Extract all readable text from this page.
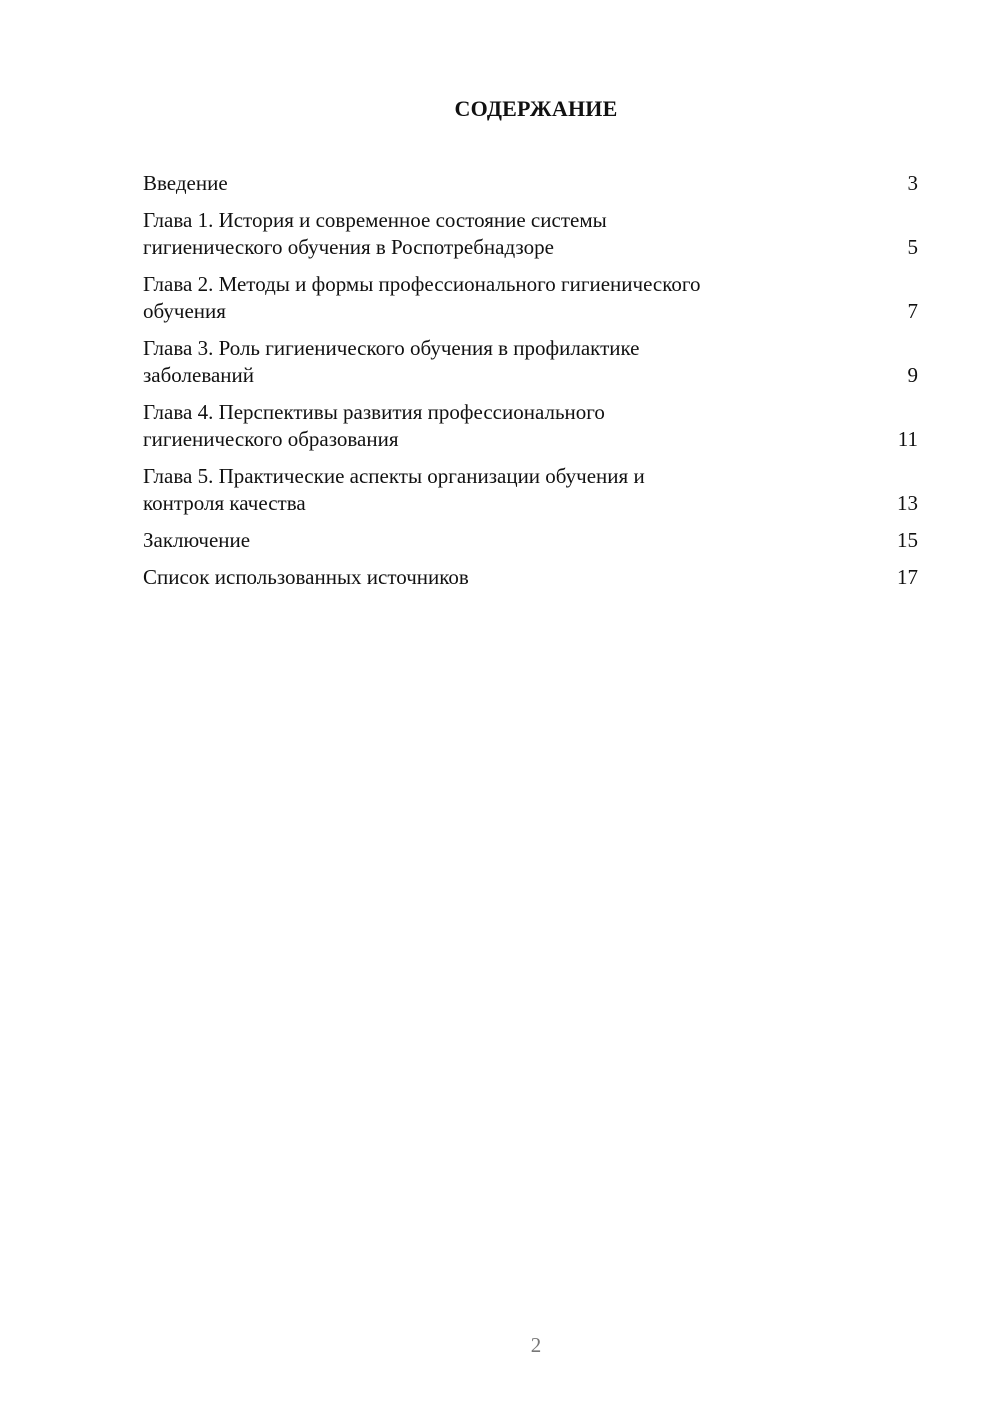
СОДЕРЖАНИЕ
Введение	3
Глава 1. История и современное состояние системы
гигиенического обучения в Роспотребнадзоре	5
Глава 2. Методы и формы профессионального гигиенического
обучения	7
Глава 3. Роль гигиенического обучения в профилактике
заболеваний	9
Глава 4. Перспективы развития профессионального
гигиенического образования	11
Глава 5. Практические аспекты организации обучения и
контроля качества	13
Заключение	15
Список использованных источников	17

2
